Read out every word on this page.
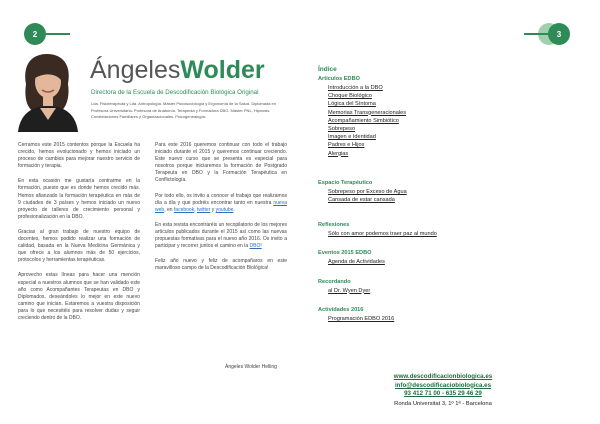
2	3
ÁngelesWolder
Directora de la Escuela de Descodificación Biológica Original
Lda. Fisioterapeuta y Lda. Antropología. Máster Psicosociología y Ergonomía de la Salud. Diplomada en Profesora Universitaria. Profesora de Anatomía. Terapeuta y Formadora DBO. Máster PNL, Hipnosis. Constelaciones Familiares y Organizacionales. Psicogenealogía.

Cerramos este 2015 contentos porque la Escuela ha crecido, hemos evolucionado y hemos iniciado un proceso de cambios para mejorar nuestro servicio de formación y terapia.

En esta ocasión me gustaría centrarme en la formación, puesto que es donde hemos crecido más. Hemos afianzado la formación terapéutica en más de 9 ciudades de 3 países y hemos iniciado un nuevo proyecto de talleres de crecimiento personal y profesionalización en la DBO.

Gracias al gran trabajo de nuestro equipo de docentes, hemos podido realizar una formación de calidad, basada en la Nueva Medicina Germánica y que ofrece a los alumnos más de 50 ejercicios, protocolos y herramientas terapéuticas.

Aprovecho estas líneas para hacer una mención especial a nuestros alumnos que se han validado este año como Acompañantes Terapeutas en DBO y Diplomados, deseándoles lo mejor en este nuevo camino que inician. Estaremos a vuestra disposición para lo que necesitéis para resolver dudas y seguir creciendo dentro de la DBO.

Para este 2016 queremos continuar con todo el trabajo iniciado durante el 2015 y queremos continuar creciendo. Este nuevo curso que se presenta es especial para nosotros porque iniciaremos la formación de Postgrado Terapeuta en DBO y la Formación Terapéutica en Conflictología.

Por todo ello, os invito a conocer el trabajo que realizamos día a día y que podréis encontrar tanto en nuestra nueva web, en facebook, twitter y youtube.

En esta revista encontraréis un recopilatorio de los mejores artículos publicados durante el 2015 así como las nuevas propuestas formativas para el nuevo año 2016. Os invito a participar y recorrer juntos el camino en la DBO!

Feliz año nuevo y feliz de acompañaros en este maravilloso campo de la Descodificación Biológica!

Ángeles Wolder Helling
Índice
Artículos EDBO
Introducción a la DBO
Choque Biológico
Lógica del Síntoma
Memorias Transgeneracionales
Acompañamiento Simbiótico
Sobrepeso
Imagen e Identidad
Padres e Hijos
Alergias
Espacio Terapéutico
Sobrepeso por Exceso de Agua
Cansada de estar cansada
Reflexiones
Sólo con amor podemos traer paz al mundo
Eventos 2015 EDBO
Agenda de Actividades
Recordando
al Dr. Wyen Dyer
Actividades 2016
Programación EDBO 2016
www.descodificacionbiologica.es
info@descodificaciobiologica.es
93 412 71 00 - 635 29 46 29
Ronda Universitat 3, 1º 1ª - Barcelona
